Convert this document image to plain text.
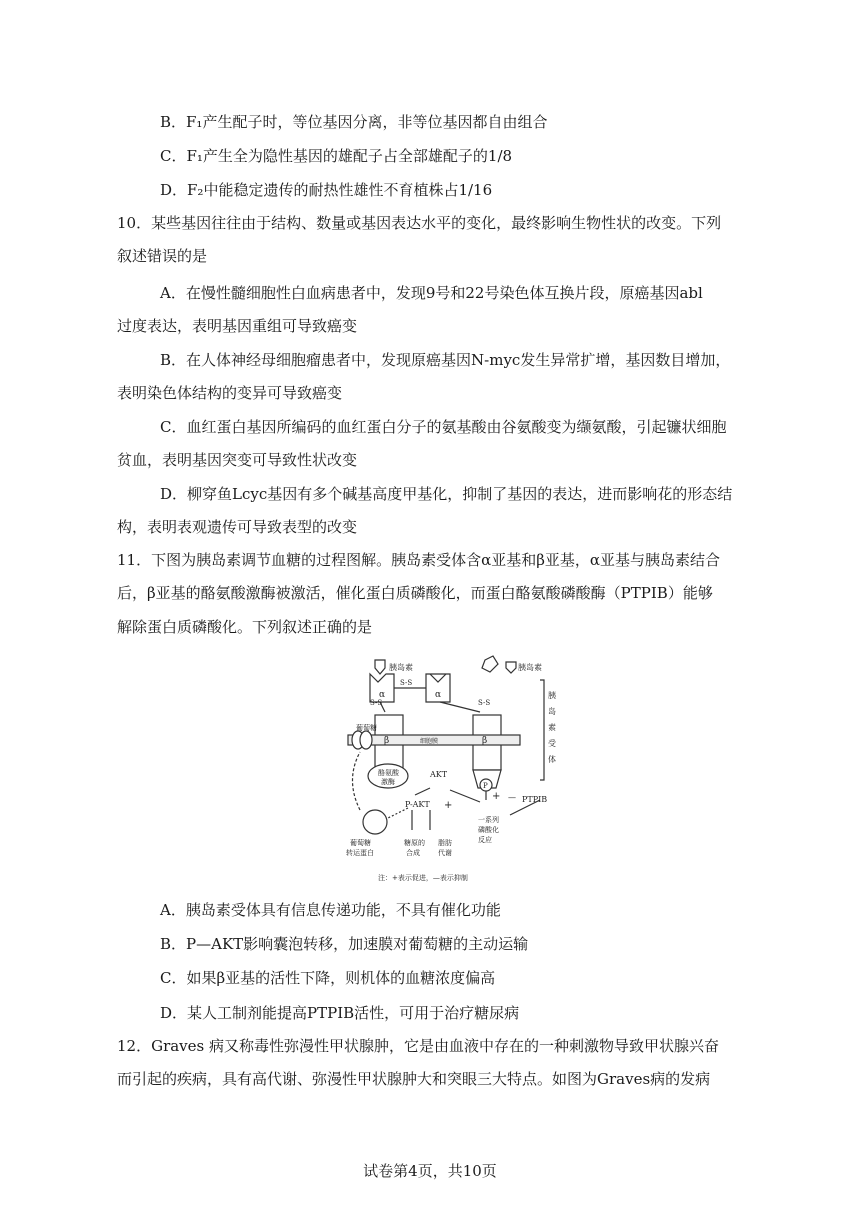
B．F₁产生配子时，等位基因分离，非等位基因都自由组合
C．F₁产生全为隐性基因的雄配子占全部雄配子的1/8
D．F₂中能稳定遗传的耐热性雄性不育植株占1/16
10．某些基因往往由于结构、数量或基因表达水平的变化，最终影响生物性状的改变。下列
叙述错误的是
A．在慢性髓细胞性白血病患者中，发现9号和22号染色体互换片段，原癌基因abl
过度表达，表明基因重组可导致癌变
B．在人体神经母细胞瘤患者中，发现原癌基因N-myc发生异常扩增，基因数目增加，
表明染色体结构的变异可导致癌变
C．血红蛋白基因所编码的血红蛋白分子的氨基酸由谷氨酸变为缬氨酸，引起镰状细胞
贫血，表明基因突变可导致性状改变
D．柳穿鱼Lcyc基因有多个碱基高度甲基化，抑制了基因的表达，进而影响花的形态结
构，表明表观遗传可导致表型的改变
11．下图为胰岛素调节血糖的过程图解。胰岛素受体含α亚基和β亚基，α亚基与胰岛素结合
后，β亚基的酪氨酸激酶被激活，催化蛋白质磷酸化，而蛋白酪氨酸磷酸酶（PTPIB）能够
解除蛋白质磷酸化。下列叙述正确的是
胰岛素	胰岛素
α	α
S-S
S-S	S-S
葡萄糖
β	β
细胞膜
酪氨酸
激酶	P
AKT
P-AKT +
+	PTPIB
—
胰
岛
素
受
体
一系列
磷酸化
反应
葡萄糖
转运蛋白
糖原的
合成
脂肪
代谢
注：+表示促进，—表示抑制
A．胰岛素受体具有信息传递功能，不具有催化功能
B．P—AKT影响囊泡转移，加速膜对葡萄糖的主动运输
C．如果β亚基的活性下降，则机体的血糖浓度偏高
D．某人工制剂能提高PTPIB活性，可用于治疗糖尿病
12．Graves 病又称毒性弥漫性甲状腺肿，它是由血液中存在的一种刺激物导致甲状腺兴奋
而引起的疾病，具有高代谢、弥漫性甲状腺肿大和突眼三大特点。如图为Graves病的发病
试卷第4页，共10页
